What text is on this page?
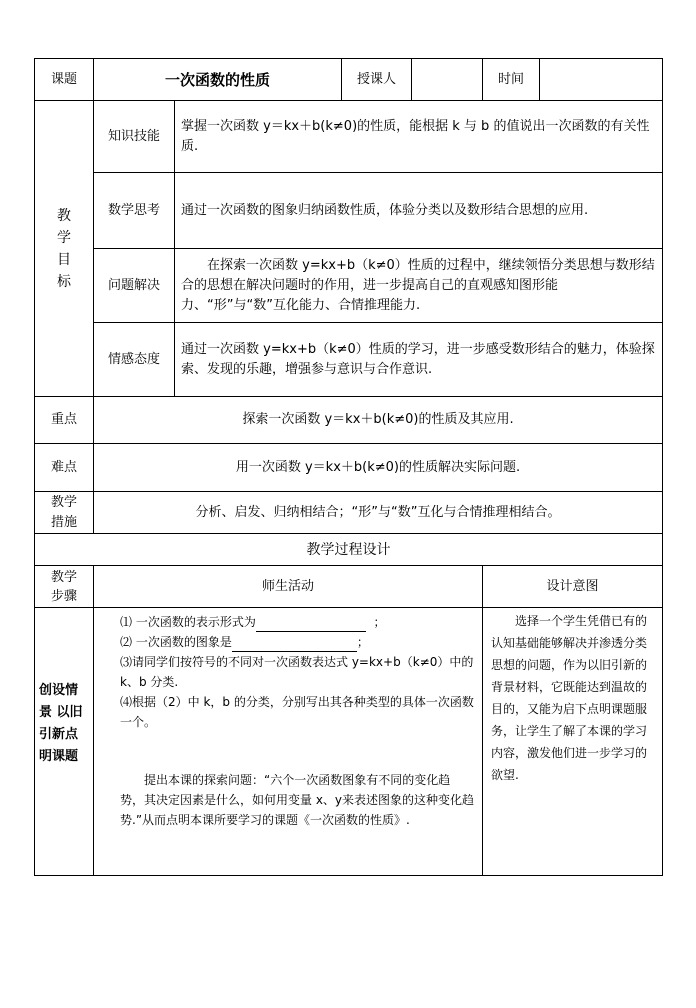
课题	一次函数的性质		授课人		时间	

教
学
目
标	知识技能	掌握一次函数 y＝kx＋b(k≠0)的性质，能根据 k 与 b 的值说出一次函数的有关性质.				
	数学思考	通过一次函数的图象归纳函数性质，体验分类以及数形结合思想的应用.				
	问题解决	在探索一次函数 y=kx+b（k≠0）性质的过程中，继续领悟分类思想与数形结合的思想在解决问题时的作用，进一步提高自己的直观感知图形能力、“形”与“数”互化能力、合情推理能力.				
	情感态度	通过一次函数 y=kx+b（k≠0）性质的学习，进一步感受数形结合的魅力，体验探索、发现的乐趣，增强参与意识与合作意识.				
重点	探索一次函数 y＝kx＋b(k≠0)的性质及其应用.					
难点	用一次函数 y＝kx＋b(k≠0)的性质解决实际问题.					

教学
措施	分析、启发、归纳相结合；“形”与“数”互化与合情推理相结合。					
教学过程设计						

教学
步骤	师生活动				设计意图	
创设情景 以旧引新点明课题	⑴ 一次函数的表示形式为 ；

⑵ 一次函数的图象是 ；

⑶请同学们按符号的不同对一次函数表达式 y=kx+b（k≠0）中的k、b 分类.

⑷根据（2）中 k，b 的分类，分别写出其各种类型的具体一次函数一个。

提出本课的探索问题：“六个一次函数图象有不同的变化趋势，其决定因素是什么，如何用变量 x、y来表述图象的这种变化趋势.”从而点明本课所要学习的课题《一次函数的性质》.				选择一个学生凭借已有的认知基础能够解决并渗透分类思想的问题，作为以旧引新的背景材料，它既能达到温故的目的，又能为启下点明课题服务，让学生了解了本课的学习内容，激发他们进一步学习的欲望.	
